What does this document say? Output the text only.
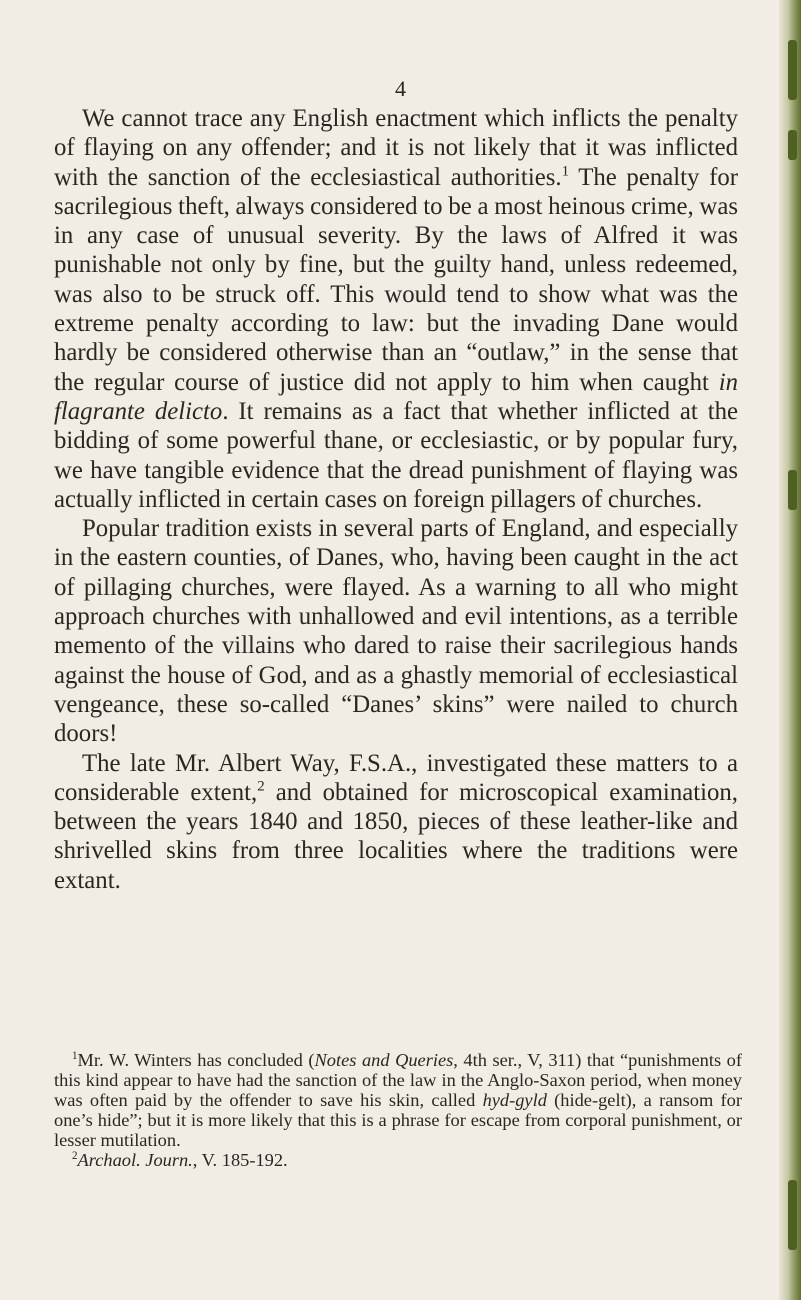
4

We cannot trace any English enactment which inflicts the penalty of flaying on any offender; and it is not likely that it was inflicted with the sanction of the ecclesiastical authorities.$^1$ The penalty for sacrilegious theft, always considered to be a most heinous crime, was in any case of unusual severity. By the laws of Alfred it was punishable not only by fine, but the guilty hand, unless redeemed, was also to be struck off. This would tend to show what was the extreme penalty according to law: but the invading Dane would hardly be considered otherwise than an “outlaw,” in the sense that the regular course of justice did not apply to him when caught in flagrante delicto. It remains as a fact that whether inflicted at the bidding of some powerful thane, or ecclesiastic, or by popular fury, we have tangible evidence that the dread punishment of flaying was actually inflicted in certain cases on foreign pillagers of churches.

Popular tradition exists in several parts of England, and especially in the eastern counties, of Danes, who, having been caught in the act of pillaging churches, were flayed. As a warning to all who might approach churches with unhallowed and evil intentions, as a terrible memento of the villains who dared to raise their sacrilegious hands against the house of God, and as a ghastly memorial of ecclesiastical vengeance, these so-called “Danes’ skins” were nailed to church doors!

The late Mr. Albert Way, F.S.A., investigated these matters to a considerable extent,$^2$ and obtained for microscopical examination, between the years 1840 and 1850, pieces of these leather-like and shrivelled skins from three localities where the traditions were extant.

$^1$Mr. W. Winters has concluded (Notes and Queries, 4th ser., V, 311) that “punishments of this kind appear to have had the sanction of the law in the Anglo-Saxon period, when money was often paid by the offender to save his skin, called hyd-gyld (hide-gelt), a ransom for one’s hide”; but it is more likely that this is a phrase for escape from corporal punishment, or lesser mutilation.

$^2$Archaol. Journ., V. 185-192.
